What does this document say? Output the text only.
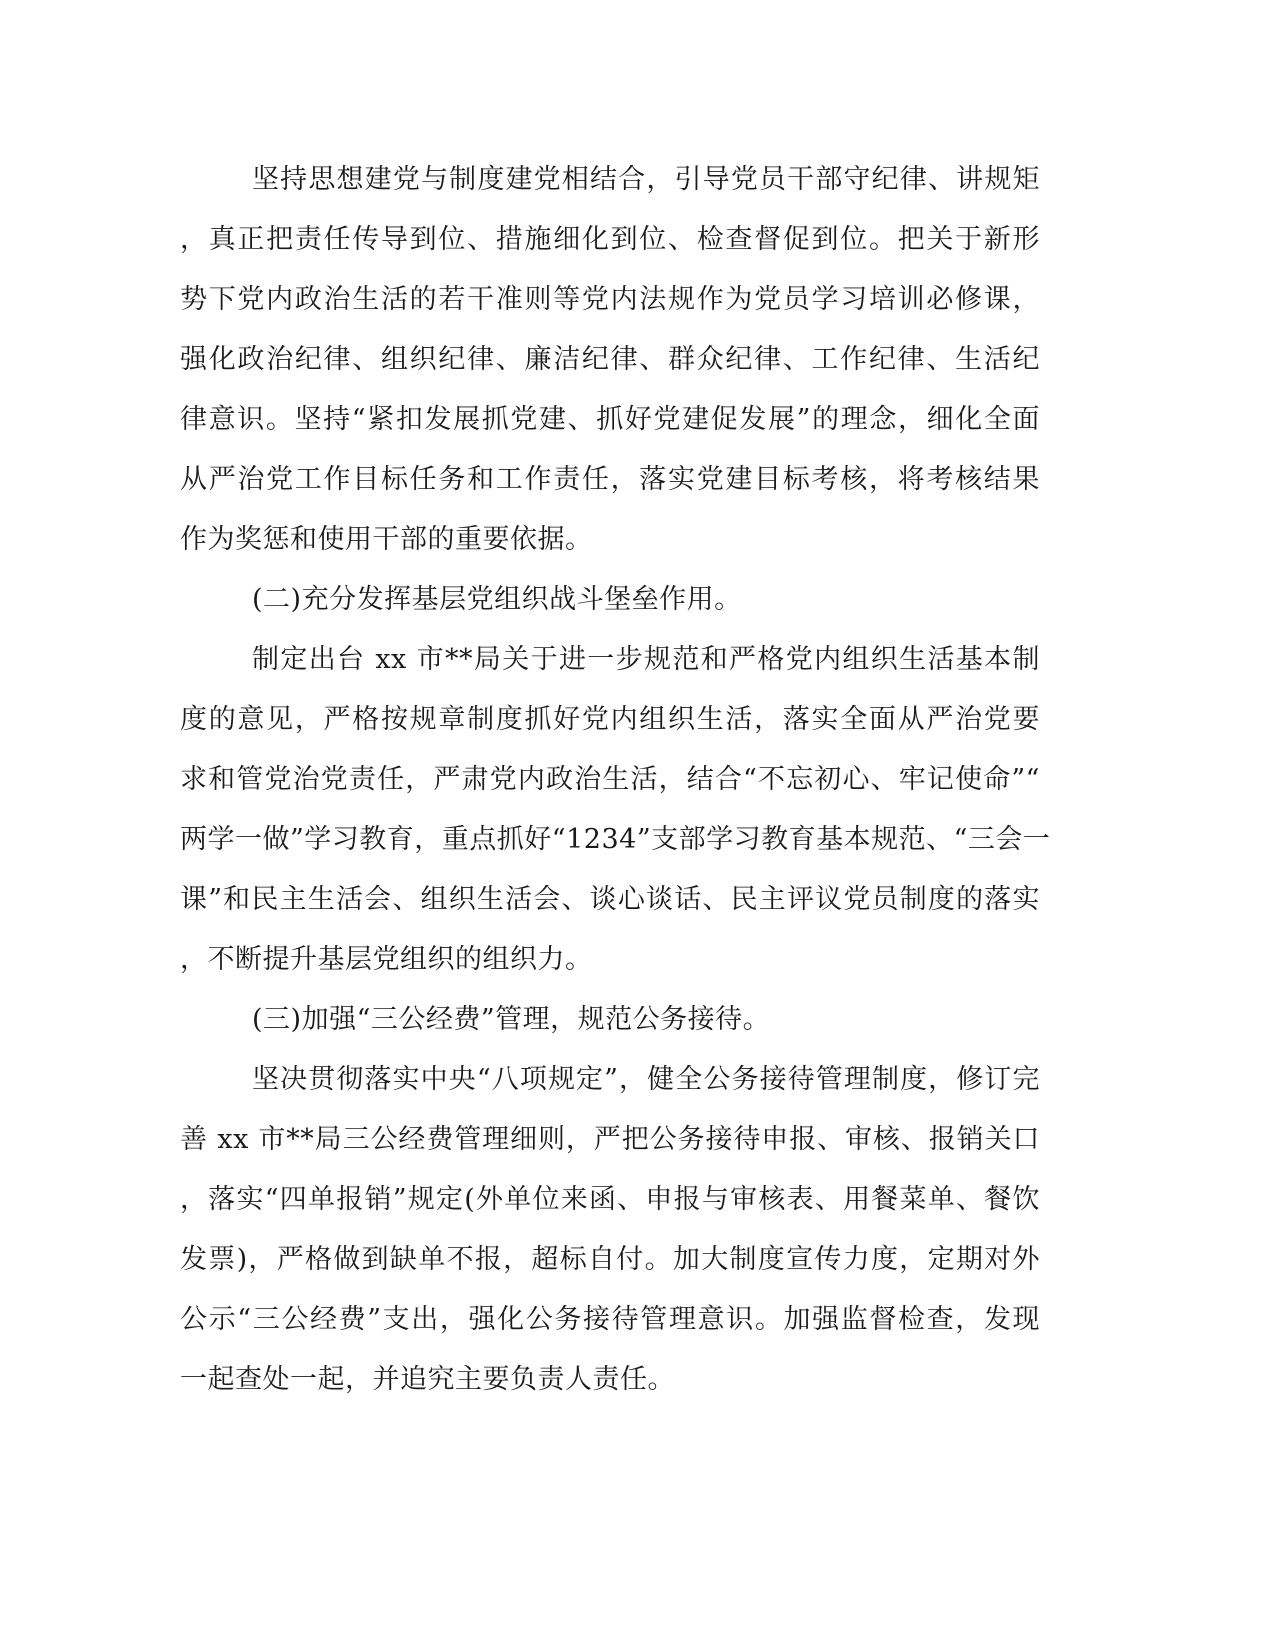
坚持思想建党与制度建党相结合，引导党员干部守纪律、讲规矩
，真正把责任传导到位、措施细化到位、检查督促到位。把关于新形
势下党内政治生活的若干准则等党内法规作为党员学习培训必修课，
强化政治纪律、组织纪律、廉洁纪律、群众纪律、工作纪律、生活纪
律意识。坚持“紧扣发展抓党建、抓好党建促发展”的理念，细化全面
从严治党工作目标任务和工作责任，落实党建目标考核，将考核结果
作为奖惩和使用干部的重要依据。
(二)充分发挥基层党组织战斗堡垒作用。
制定出台 xx 市**局关于进一步规范和严格党内组织生活基本制
度的意见，严格按规章制度抓好党内组织生活，落实全面从严治党要
求和管党治党责任，严肃党内政治生活，结合“不忘初心、牢记使命”“
两学一做”学习教育，重点抓好“1234”支部学习教育基本规范、“三会一
课”和民主生活会、组织生活会、谈心谈话、民主评议党员制度的落实
，不断提升基层党组织的组织力。
(三)加强“三公经费”管理，规范公务接待。
坚决贯彻落实中央“八项规定”，健全公务接待管理制度，修订完
善 xx 市**局三公经费管理细则，严把公务接待申报、审核、报销关口
，落实“四单报销”规定(外单位来函、申报与审核表、用餐菜单、餐饮
发票)，严格做到缺单不报，超标自付。加大制度宣传力度，定期对外
公示“三公经费”支出，强化公务接待管理意识。加强监督检查，发现
一起查处一起，并追究主要负责人责任。
